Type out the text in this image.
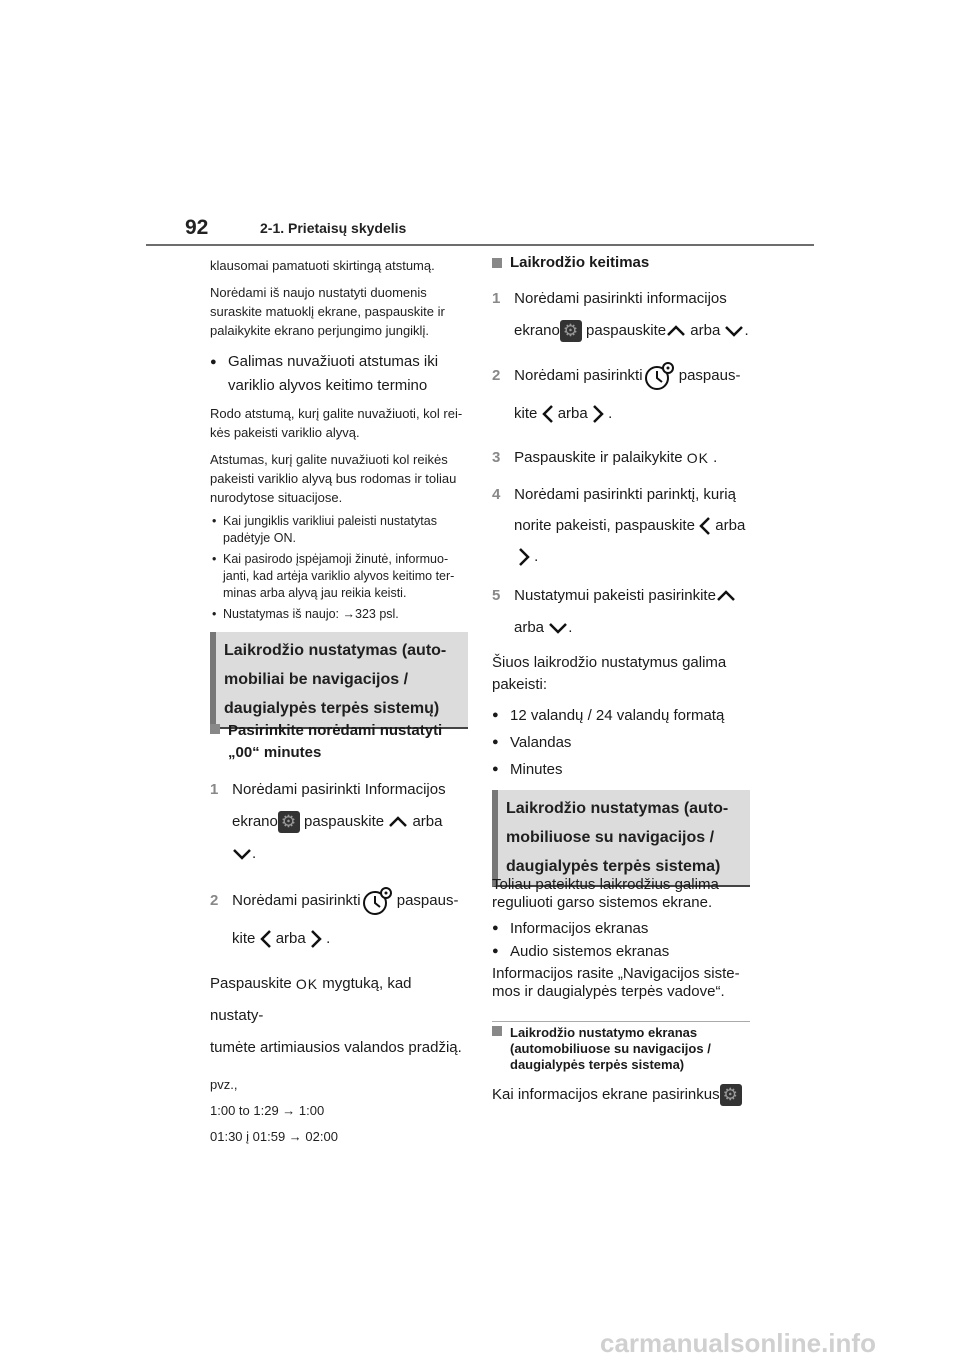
92	2-1. Prietaisų skydelis

klausomai pamatuoti skirtingą atstumą.

Norėdami iš naujo nustatyti duomenis suraskite matuoklį ekrane, paspauskite ir palaikykite ekrano perjungimo jungiklį.

● Galimas nuvažiuoti atstumas iki variklio alyvos keitimo termino

Rodo atstumą, kurį galite nuvažiuoti, kol rei-kės pakeisti variklio alyvą.

Atstumas, kurį galite nuvažiuoti kol reikės pakeisti variklio alyvą bus rodomas ir toliau nurodytose situacijose.

• Kai jungiklis varikliui paleisti nustatytas padėtyje ON.
• Kai pasirodo įspėjamoji žinutė, informuo-janti, kad artėja variklio alyvos keitimo ter-minas arba alyvą jau reikia keisti.
• Nustatymas iš naujo: →323 psl.
Laikrodžio nustatymas (auto-mobiliai be navigacijos / daugialypės terpės sistemų)
Pasirinkite norėdami nustatyti „00“ minutes
1 Norėdami pasirinkti Informacijos
ekrano ⚙ paspauskite arba
.
2 Norėdami pasirinkti paspaus-
kite arba .
Paspauskite OK mygtuką, kad nustaty-
tumėte artimiausios valandos pradžią.
pvz.,
1:00 to 1:29 → 1:00
01:30 į 01:59 → 02:00
Laikrodžio keitimas
1 Norėdami pasirinkti informacijos
ekrano ⚙ paspauskite arba .
2 Norėdami pasirinkti paspaus-
kite arba .
3 Paspauskite ir palaikykite OK .
4 Norėdami pasirinkti parinktį, kurią
norite pakeisti, paspauskite arba
.
5 Nustatymui pakeisti pasirinkite
arba .
Šiuos laikrodžio nustatymus galima pakeisti:
● 12 valandų / 24 valandų formatą
● Valandas
● Minutes
Laikrodžio nustatymas (auto-mobiliuose su navigacijos / daugialypės terpės sistema)
Toliau pateiktus laikrodžius galima reguliuoti garso sistemos ekrane.
● Informacijos ekranas
● Audio sistemos ekranas
Informacijos rasite „Navigacijos siste-mos ir daugialypės terpės vadove“.
Laikrodžio nustatymo ekranas (automobiliuose su navigacijos / daugialypės terpės sistema)
Kai informacijos ekrane pasirinkus⚙
carmanualsonline.info
